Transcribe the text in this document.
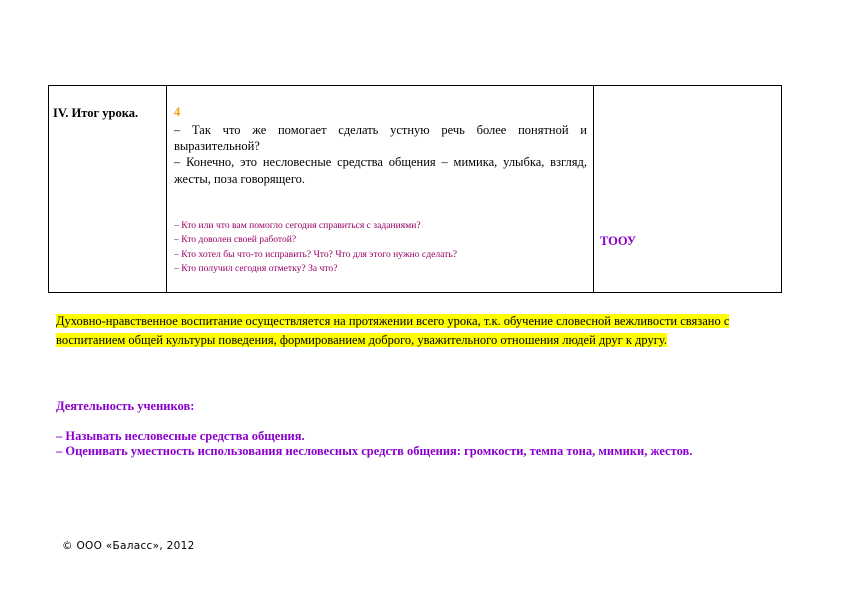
IV. Итог урока.	4

– Так что же помогает сделать устную речь более понятной и выразительной?

– Конечно, это несловесные средства общения – мимика, улыбка, взгляд, жесты, поза говорящего.

– Кто или что вам помогло сегодня справиться с заданиями?
– Кто доволен своей работой?
– Кто хотел бы что-то исправить? Что? Что для этого нужно сделать?
– Кто получил сегодня отметку? За что?
ТООУ
Духовно-нравственное воспитание осуществляется на протяжении всего урока, т.к. обучение словесной вежливости связано с воспитанием общей культуры поведения, формированием доброго, уважительного отношения людей друг к другу.
Деятельность учеников:
– Называть несловесные средства общения.
– Оценивать уместность использования несловесных средств общения: громкости, темпа тона, мимики, жестов.
© ООО «Баласс», 2012
